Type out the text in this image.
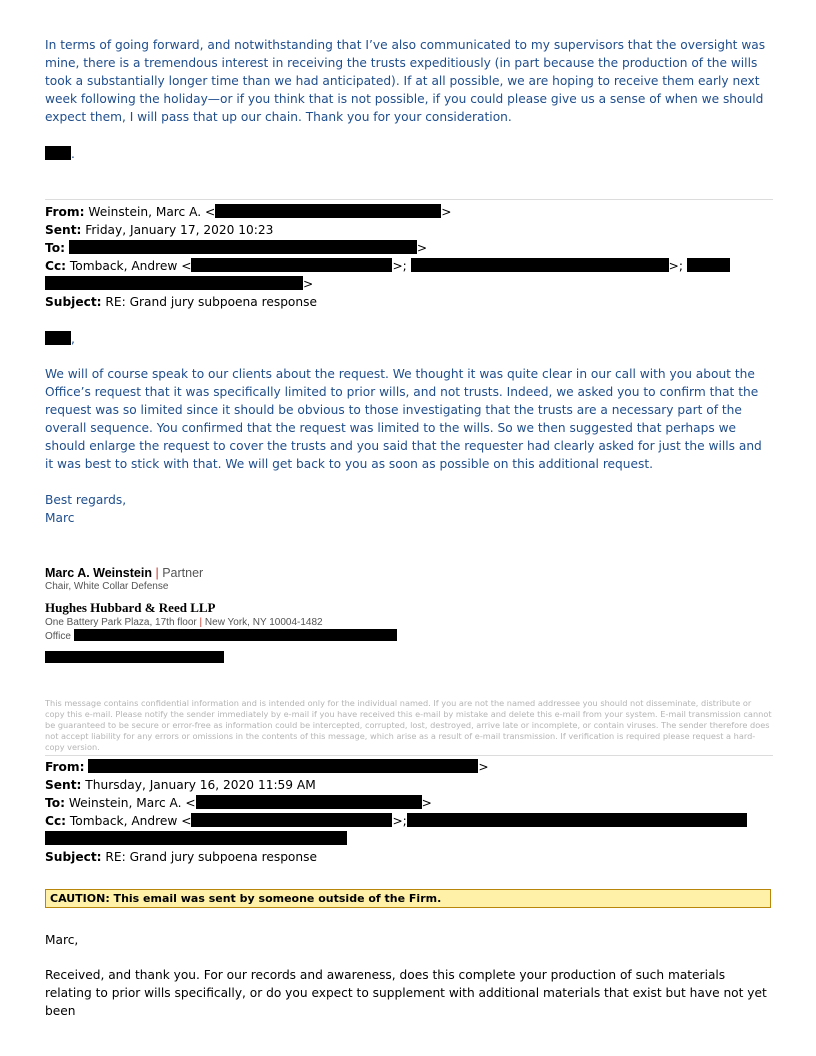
In terms of going forward, and notwithstanding that I’ve also communicated to my supervisors that the oversight was mine, there is a tremendous interest in receiving the trusts expeditiously (in part because the production of the wills took a substantially longer time than we had anticipated). If at all possible, we are hoping to receive them early next week following the holiday—or if you think that is not possible, if you could please give us a sense of when we should expect them, I will pass that up our chain. Thank you for your consideration.
.
From: Weinstein, Marc A. <	>
Sent: Friday, January 17, 2020 10:23
To:	>
Cc: Tomback, Andrew <	>;	>;
>
Subject: RE: Grand jury subpoena response
,
We will of course speak to our clients about the request. We thought it was quite clear in our call with you about the Office’s request that it was specifically limited to prior wills, and not trusts. Indeed, we asked you to confirm that the request was so limited since it should be obvious to those investigating that the trusts are a necessary part of the overall sequence. You confirmed that the request was limited to the wills. So we then suggested that perhaps we should enlarge the request to cover the trusts and you said that the requester had clearly asked for just the wills and it was best to stick with that. We will get back to you as soon as possible on this additional request.
Best regards,
Marc
Marc A. Weinstein | Partner
Chair, White Collar Defense
Hughes Hubbard & Reed LLP
One Battery Park Plaza, 17th floor | New York, NY 10004-1482
Office
This message contains confidential information and is intended only for the individual named. If you are not the named addressee you should not disseminate, distribute or copy this e-mail. Please notify the sender immediately by e-mail if you have received this e-mail by mistake and delete this e-mail from your system. E-mail transmission cannot be guaranteed to be secure or error-free as information could be intercepted, corrupted, lost, destroyed, arrive late or incomplete, or contain viruses. The sender therefore does not accept liability for any errors or omissions in the contents of this message, which arise as a result of e-mail transmission. If verification is required please request a hard-copy version.
From:	>
Sent: Thursday, January 16, 2020 11:59 AM
To: Weinstein, Marc A. <	>
Cc: Tomback, Andrew <	>;
Subject: RE: Grand jury subpoena response
CAUTION: This email was sent by someone outside of the Firm.
Marc,
Received, and thank you. For our records and awareness, does this complete your production of such materials relating to prior wills specifically, or do you expect to supplement with additional materials that exist but have not yet been
